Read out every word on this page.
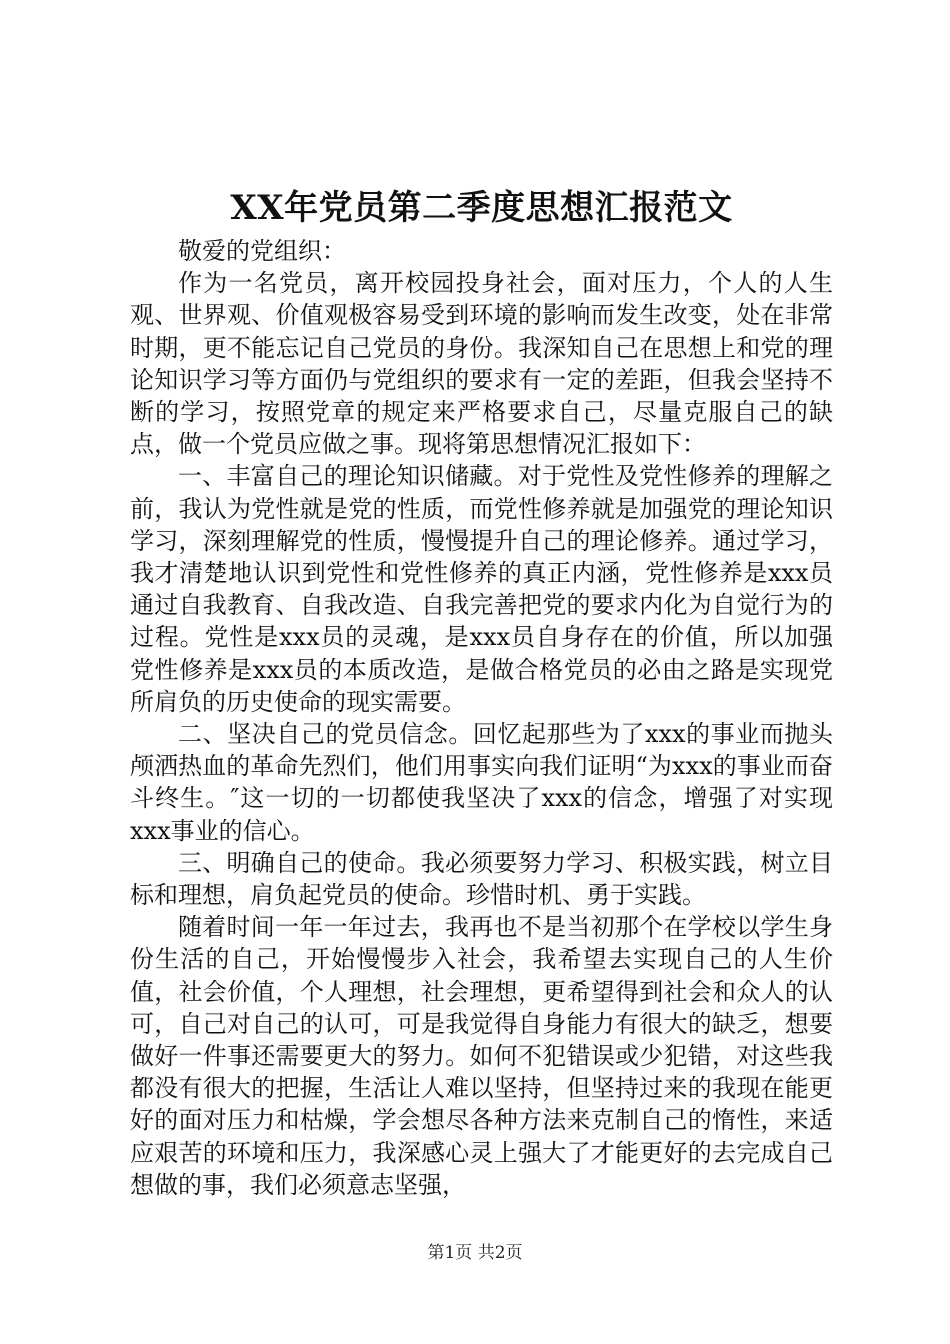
XX年党员第二季度思想汇报范文

敬爱的党组织：

作为一名党员，离开校园投身社会，面对压力，个人的人生观、世界观、价值观极容易受到环境的影响而发生改变，处在非常时期，更不能忘记自己党员的身份。我深知自己在思想上和党的理论知识学习等方面仍与党组织的要求有一定的差距，但我会坚持不断的学习，按照党章的规定来严格要求自己，尽量克服自己的缺点，做一个党员应做之事。现将第思想情况汇报如下：

一、丰富自己的理论知识储藏。对于党性及党性修养的理解之前，我认为党性就是党的性质，而党性修养就是加强党的理论知识学习，深刻理解党的性质，慢慢提升自己的理论修养。通过学习，我才清楚地认识到党性和党性修养的真正内涵，党性修养是xxx员通过自我教育、自我改造、自我完善把党的要求内化为自觉行为的过程。党性是xxx员的灵魂，是xxx员自身存在的价值，所以加强党性修养是xxx员的本质改造，是做合格党员的必由之路是实现党所肩负的历史使命的现实需要。

二、坚决自己的党员信念。回忆起那些为了xxx的事业而抛头颅洒热血的革命先烈们，他们用事实向我们证明“为xxx的事业而奋斗终生。″这一切的一切都使我坚决了xxx的信念，增强了对实现xxx事业的信心。

三、明确自己的使命。我必须要努力学习、积极实践，树立目标和理想，肩负起党员的使命。珍惜时机、勇于实践。

随着时间一年一年过去，我再也不是当初那个在学校以学生身份生活的自己，开始慢慢步入社会，我希望去实现自己的人生价值，社会价值，个人理想，社会理想，更希望得到社会和众人的认可，自己对自己的认可，可是我觉得自身能力有很大的缺乏，想要做好一件事还需要更大的努力。如何不犯错误或少犯错，对这些我都没有很大的把握，生活让人难以坚持，但坚持过来的我现在能更好的面对压力和枯燥，学会想尽各种方法来克制自己的惰性，来适应艰苦的环境和压力，我深感心灵上强大了才能更好的去完成自己想做的事，我们必须意志坚强，

第1页 共2页
